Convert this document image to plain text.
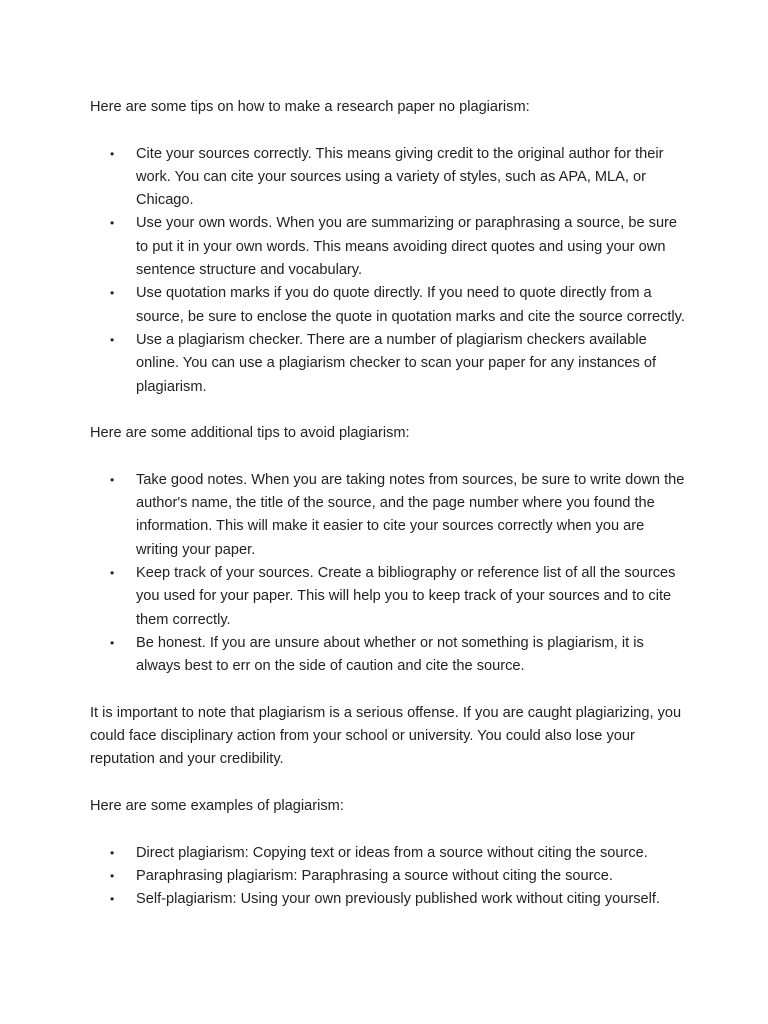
Here are some tips on how to make a research paper no plagiarism:

• Cite your sources correctly. This means giving credit to the original author for their work. You can cite your sources using a variety of styles, such as APA, MLA, or Chicago.
• Use your own words. When you are summarizing or paraphrasing a source, be sure to put it in your own words. This means avoiding direct quotes and using your own sentence structure and vocabulary.
• Use quotation marks if you do quote directly. If you need to quote directly from a source, be sure to enclose the quote in quotation marks and cite the source correctly.
• Use a plagiarism checker. There are a number of plagiarism checkers available online. You can use a plagiarism checker to scan your paper for any instances of plagiarism.

Here are some additional tips to avoid plagiarism:

• Take good notes. When you are taking notes from sources, be sure to write down the author's name, the title of the source, and the page number where you found the information. This will make it easier to cite your sources correctly when you are writing your paper.
• Keep track of your sources. Create a bibliography or reference list of all the sources you used for your paper. This will help you to keep track of your sources and to cite them correctly.
• Be honest. If you are unsure about whether or not something is plagiarism, it is always best to err on the side of caution and cite the source.

It is important to note that plagiarism is a serious offense. If you are caught plagiarizing, you could face disciplinary action from your school or university. You could also lose your reputation and your credibility.

Here are some examples of plagiarism:

• Direct plagiarism: Copying text or ideas from a source without citing the source.
• Paraphrasing plagiarism: Paraphrasing a source without citing the source.
• Self-plagiarism: Using your own previously published work without citing yourself.
